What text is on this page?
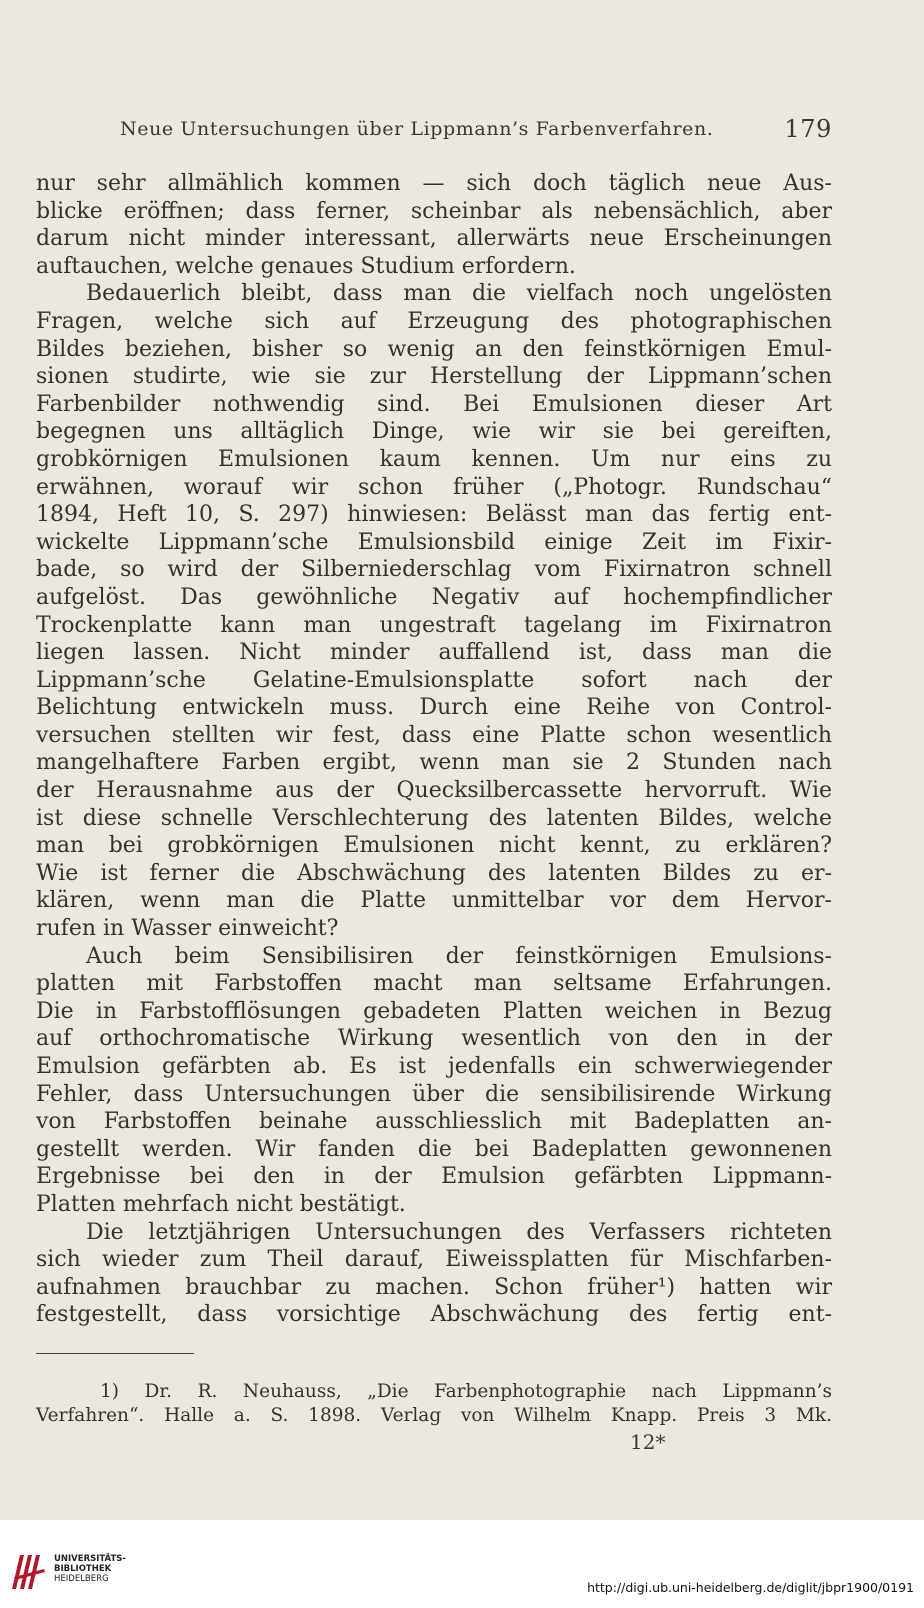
Neue Untersuchungen über Lippmann’s Farbenverfahren.	179
nur sehr allmählich kommen — sich doch täglich neue Aus-
blicke eröffnen; dass ferner, scheinbar als nebensächlich, aber
darum nicht minder interessant, allerwärts neue Erscheinungen
auftauchen, welche genaues Studium erfordern.
Bedauerlich bleibt, dass man die vielfach noch ungelösten
Fragen, welche sich auf Erzeugung des photographischen
Bildes beziehen, bisher so wenig an den feinstkörnigen Emul-
sionen studirte, wie sie zur Herstellung der Lippmann’schen
Farbenbilder nothwendig sind. Bei Emulsionen dieser Art
begegnen uns alltäglich Dinge, wie wir sie bei gereiften,
grobkörnigen Emulsionen kaum kennen. Um nur eins zu
erwähnen, worauf wir schon früher („Photogr. Rundschau“
1894, Heft 10, S. 297) hinwiesen: Belässt man das fertig ent-
wickelte Lippmann’sche Emulsionsbild einige Zeit im Fixir-
bade, so wird der Silberniederschlag vom Fixirnatron schnell
aufgelöst. Das gewöhnliche Negativ auf hochempfindlicher
Trockenplatte kann man ungestraft tagelang im Fixirnatron
liegen lassen. Nicht minder auffallend ist, dass man die
Lippmann’sche Gelatine-Emulsionsplatte sofort nach der
Belichtung entwickeln muss. Durch eine Reihe von Control-
versuchen stellten wir fest, dass eine Platte schon wesentlich
mangelhaftere Farben ergibt, wenn man sie 2 Stunden nach
der Herausnahme aus der Quecksilbercassette hervorruft. Wie
ist diese schnelle Verschlechterung des latenten Bildes, welche
man bei grobkörnigen Emulsionen nicht kennt, zu erklären?
Wie ist ferner die Abschwächung des latenten Bildes zu er-
klären, wenn man die Platte unmittelbar vor dem Hervor-
rufen in Wasser einweicht?
Auch beim Sensibilisiren der feinstkörnigen Emulsions-
platten mit Farbstoffen macht man seltsame Erfahrungen.
Die in Farbstofflösungen gebadeten Platten weichen in Bezug
auf orthochromatische Wirkung wesentlich von den in der
Emulsion gefärbten ab. Es ist jedenfalls ein schwerwiegender
Fehler, dass Untersuchungen über die sensibilisirende Wirkung
von Farbstoffen beinahe ausschliesslich mit Badeplatten an-
gestellt werden. Wir fanden die bei Badeplatten gewonnenen
Ergebnisse bei den in der Emulsion gefärbten Lippmann-
Platten mehrfach nicht bestätigt.
Die letztjährigen Untersuchungen des Verfassers richteten
sich wieder zum Theil darauf, Eiweissplatten für Mischfarben-
aufnahmen brauchbar zu machen. Schon früher¹) hatten wir
festgestellt, dass vorsichtige Abschwächung des fertig ent-
1) Dr. R. Neuhauss, „Die Farbenphotographie nach Lippmann’s
Verfahren“. Halle a. S. 1898. Verlag von Wilhelm Knapp. Preis 3 Mk.
12*
UNIVERSITÄTS-
BIBLIOTHEK
HEIDELBERG
http://digi.ub.uni-heidelberg.de/diglit/jbpr1900/0191
